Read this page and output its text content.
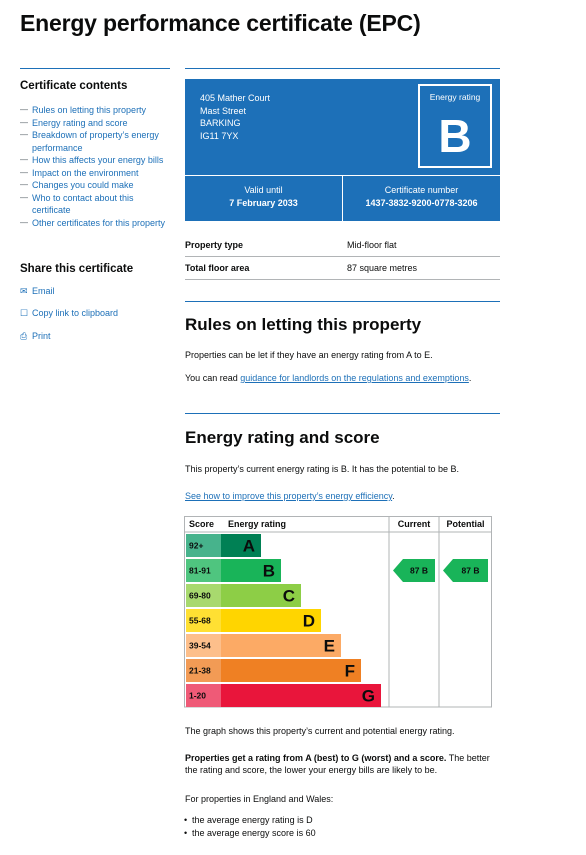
Energy performance certificate (EPC)
Certificate contents
— Rules on letting this property
— Energy rating and score
— Breakdown of property’s energy performance
— How this affects your energy bills
— Impact on the environment
— Changes you could make
— Who to contact about this certificate
— Other certificates for this property
Share this certificate
✉ Email
☐ Copy link to clipboard
⎙ Print
405 Mather Court
Mast Street
BARKING
IG11 7YX
Energy rating
B
Valid until
7 February 2033
Certificate number
1437-3832-9200-0778-3206
Property type	Mid-floor flat
Total floor area	87 square metres
Rules on letting this property
Properties can be let if they have an energy rating from A to E.
You can read guidance for landlords on the regulations and exemptions.
Energy rating and score
This property’s current energy rating is B. It has the potential to be B.
See how to improve this property’s energy efficiency.
Score Energy rating	Current Potential
92+ A
81-91	B
69-80	C
55-68	D
39-54	E
21-38	F
1-20	G
87 B	87 B
The graph shows this property’s current and potential energy rating.
Properties get a rating from A (best) to G (worst) and a score. The better the rating and score, the lower your energy bills are likely to be.
For properties in England and Wales:
• the average energy rating is D
• the average energy score is 60
